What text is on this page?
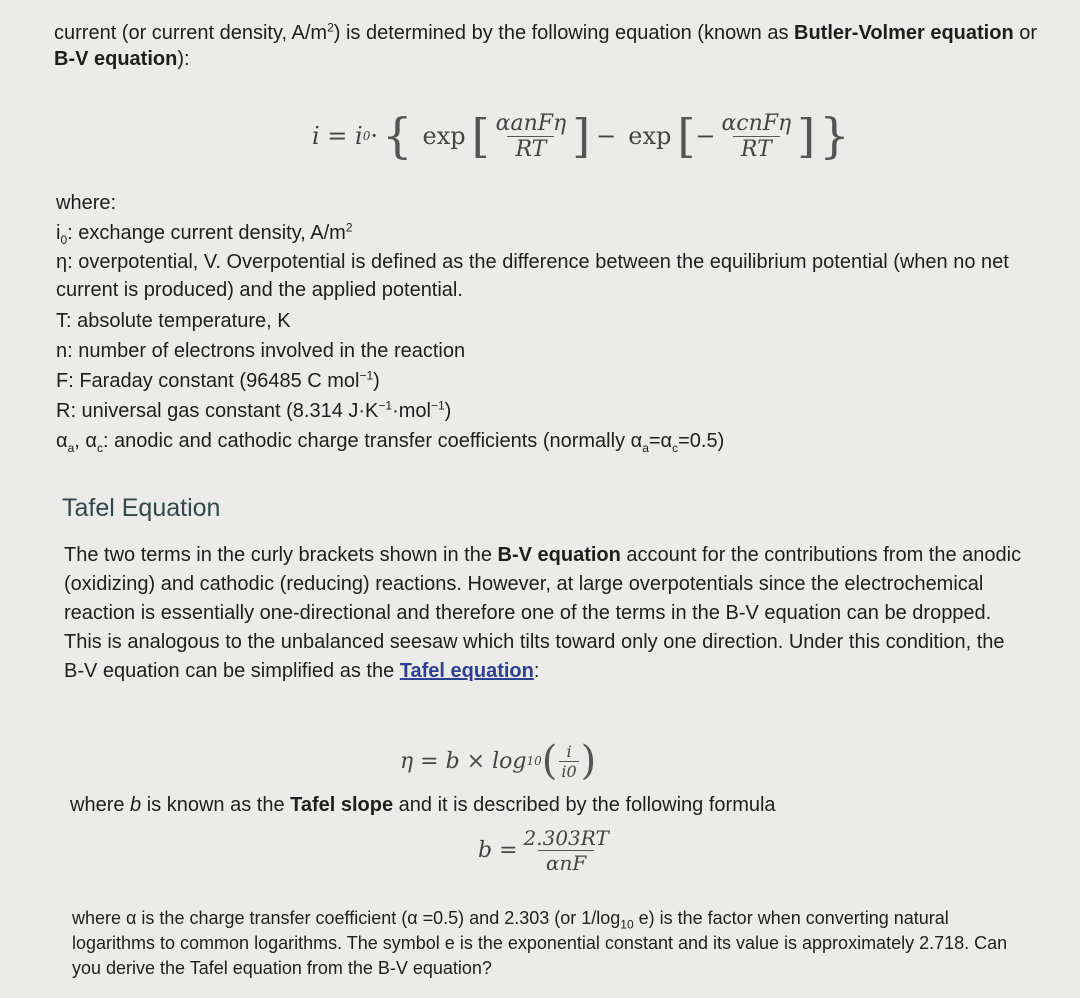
current (or current density, $A/m^2$) is determined by the following equation (known as Butler-Volmer equation or B-V equation):
i = i 0 · { exp [ $\frac{\text{αanFη}}{RT}$ ] − exp [ − $\frac{\text{αcnFη}}{RT}$ ] }
where:
$i_0$: exchange current density, $A/m^2$
η: overpotential, V. Overpotential is defined as the difference between the equilibrium potential (when no net current is produced) and the applied potential.
T: absolute temperature, K
n: number of electrons involved in the reaction
F: Faraday constant (96485 C mol$^{-1}$)
R: universal gas constant (8.314 $J\cdot K^{-1}\cdot mol^{-1}$)
$\alpha_a$, $\alpha_c$: anodic and cathodic charge transfer coefficients (normally $\alpha_a=\alpha_c=0.5$)
Tafel Equation
The two terms in the curly brackets shown in the B-V equation account for the contributions from the anodic (oxidizing) and cathodic (reducing) reactions. However, at large overpotentials since the electrochemical reaction is essentially one-directional and therefore one of the terms in the B-V equation can be dropped. This is analogous to the unbalanced seesaw which tilts toward only one direction. Under this condition, the B-V equation can be simplified as the Tafel equation:
η = b × log 10 ( $\frac{i}{i0}$ )
where b is known as the Tafel slope and it is described by the following formula
$b = \frac{2.303RT}{\text{αnF}}$
where α is the charge transfer coefficient (α =0.5) and 2.303 (or $1/\log_{10}$ e) is the factor when converting natural logarithms to common logarithms. The symbol e is the exponential constant and its value is approximately 2.718. Can you derive the Tafel equation from the B-V equation?
